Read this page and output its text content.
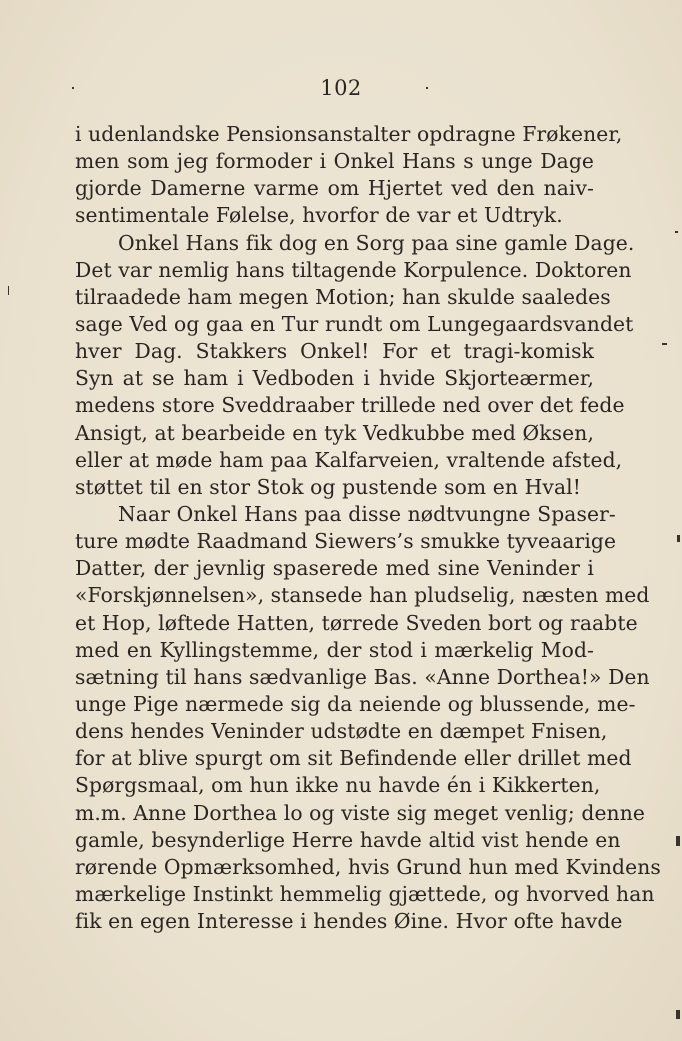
102
i udenlandske Pensionsanstalter opdragne Frøkener,
men som jeg formoder i Onkel Hans s unge Dage
gjorde Damerne varme om Hjertet ved den naiv-
sentimentale Følelse, hvorfor de var et Udtryk.
Onkel Hans fik dog en Sorg paa sine gamle Dage.
Det var nemlig hans tiltagende Korpulence. Doktoren
tilraadede ham megen Motion; han skulde saaledes
sage Ved og gaa en Tur rundt om Lungegaardsvandet
hver Dag. Stakkers Onkel! For et tragi-komisk
Syn at se ham i Vedboden i hvide Skjorteærmer,
medens store Sveddraaber trillede ned over det fede
Ansigt, at bearbeide en tyk Vedkubbe med Øksen,
eller at møde ham paa Kalfarveien, vraltende afsted,
støttet til en stor Stok og pustende som en Hval!
Naar Onkel Hans paa disse nødtvungne Spaser-
ture mødte Raadmand Siewers’s smukke tyveaarige
Datter, der jevnlig spaserede med sine Veninder i
«Forskjønnelsen», stansede han pludselig, næsten med
et Hop, løftede Hatten, tørrede Sveden bort og raabte
med en Kyllingstemme, der stod i mærkelig Mod-
sætning til hans sædvanlige Bas. «Anne Dorthea!» Den
unge Pige nærmede sig da neiende og blussende, me-
dens hendes Veninder udstødte en dæmpet Fnisen,
for at blive spurgt om sit Befindende eller drillet med
Spørgsmaal, om hun ikke nu havde én i Kikkerten,
m.m. Anne Dorthea lo og viste sig meget venlig; denne
gamle, besynderlige Herre havde altid vist hende en
rørende Opmærksomhed, hvis Grund hun med Kvindens
mærkelige Instinkt hemmelig gjættede, og hvorved han
fik en egen Interesse i hendes Øine. Hvor ofte havde
